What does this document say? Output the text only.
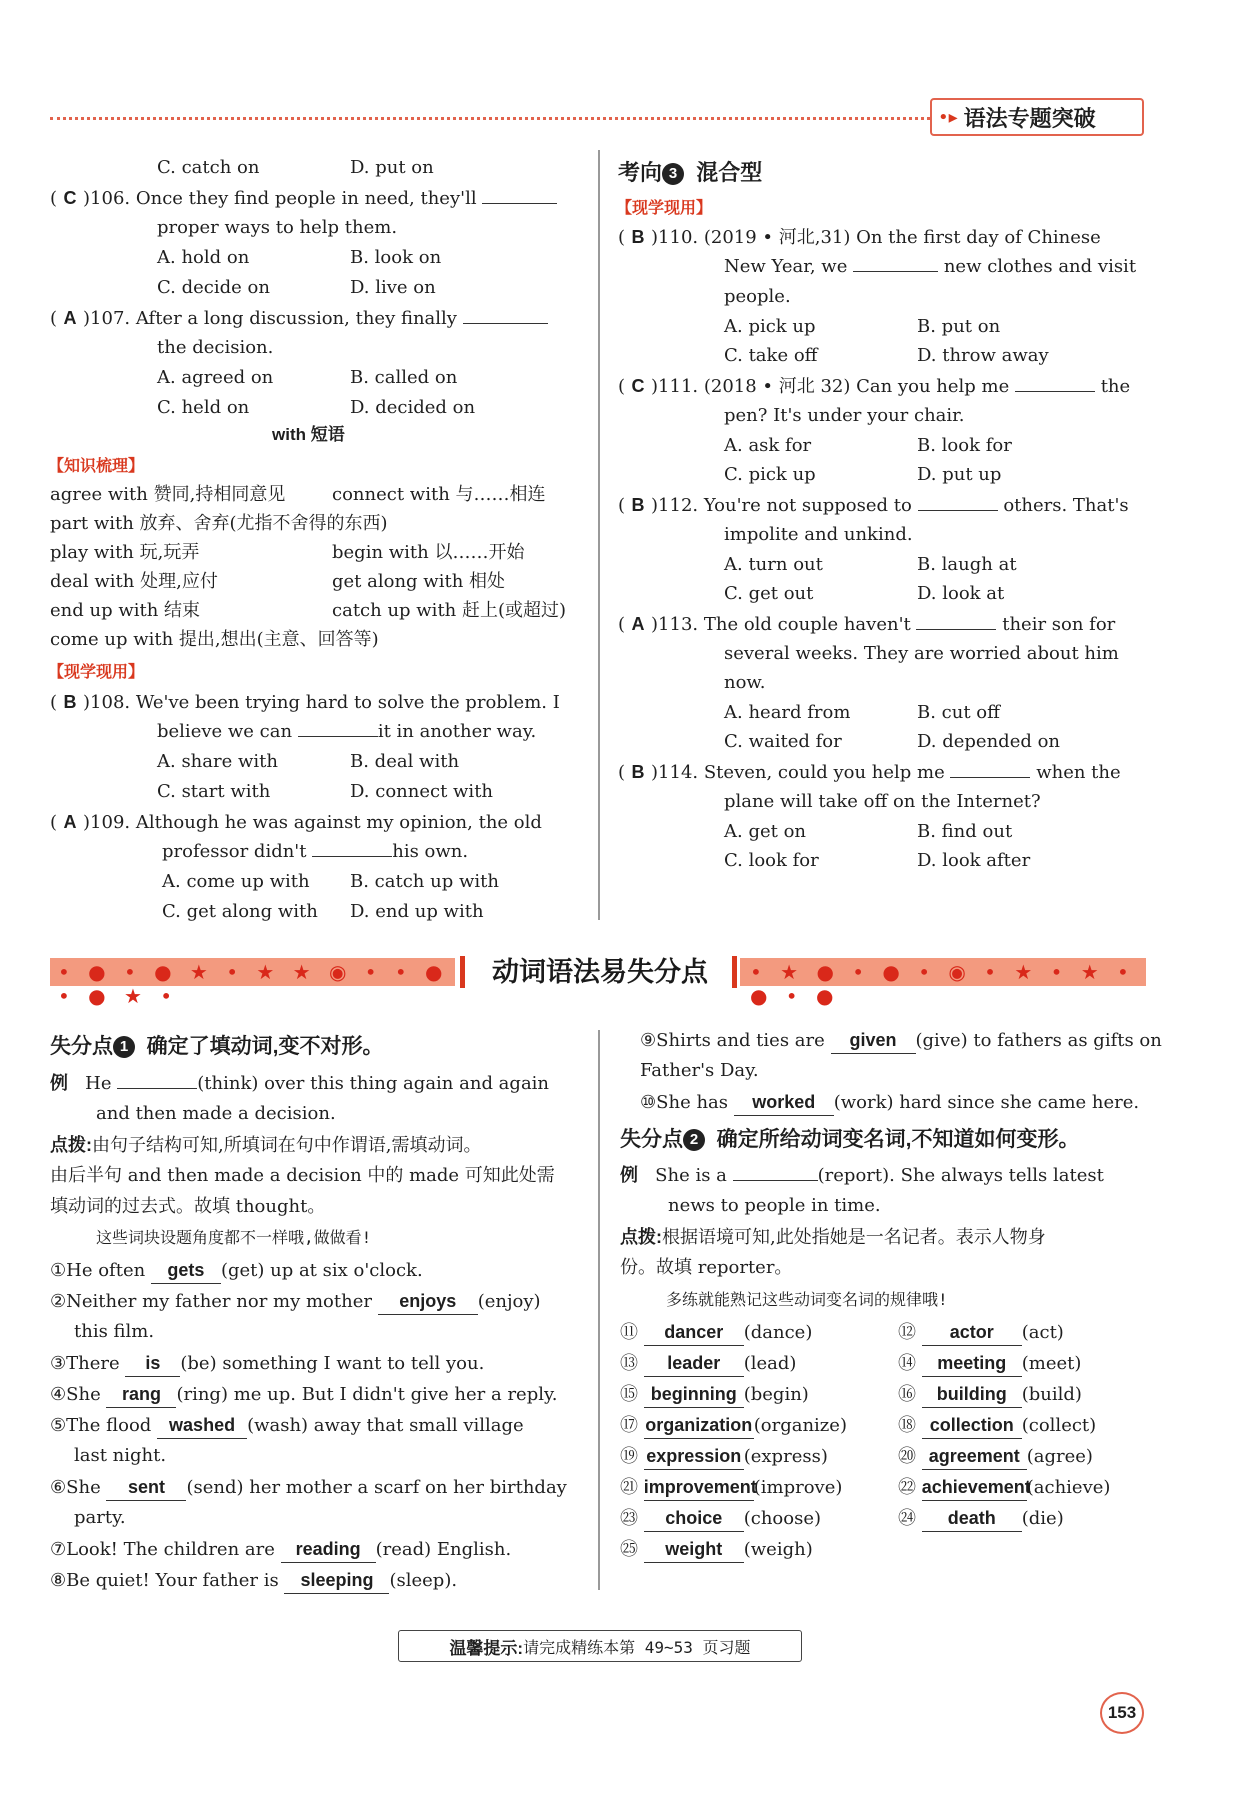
•▸ 语法专题突破
C. catch on	D. put on
( C )106. Once they find people in need, they'll
proper ways to help them.
A. hold on	B. look on
C. decide on	D. live on
( A )107. After a long discussion, they finally
the decision.
A. agreed on	B. called on
C. held on	D. decided on
with 短语
【知识梳理】
agree with 赞同,持相同意见	connect with 与……相连
part with 放弃、舍弃(尤指不舍得的东西)
play with 玩,玩弄	begin with 以……开始
deal with 处理,应付	get along with 相处
end up with 结束	catch up with 赶上(或超过)
come up with 提出,想出(主意、回答等)
【现学现用】
( B )108. We've been trying hard to solve the problem. I
believe we can	it in another way.
A. share with	B. deal with
C. start with	D. connect with
( A )109. Although he was against my opinion, the old
professor didn't	his own.
A. come up with B. catch up with
C. get along with D. end up with
考向 3 混合型
【现学现用】
( B )110. (2019 • 河北,31) On the first day of Chinese
New Year, we	new clothes and visit
people.
A. pick up	B. put on
C. take off	D. throw away
( C )111. (2018 • 河北 32) Can you help me	the
pen? It's under your chair.
A. ask for	B. look for
C. pick up	D. put up
( B )112. You're not supposed to	others. That's
impolite and unkind.
A. turn out	B. laugh at
C. get out	D. look at
( A )113. The old couple haven't	their son for
several weeks. They are worried about him
now.
A. heard from	B. cut off
C. waited for	D. depended on
( B )114. Steven, could you help me	when the
plane will take off on the Internet?
A. get on	B. find out
C. look for	D. look after
• ● • ● ★ • ★ ★ ◉ • • ● • ● ★ •
• ★ ● • ● • ◉ • ★ • ★ • ● • ●
动词语法易失分点
失分点 1 确定了填动词,变不对形。
例 He	(think) over this thing again and again
and then made a decision.
点拨:由句子结构可知,所填词在句中作谓语,需填动词。
由后半句 and then made a decision 中的 made 可知此处需
填动词的过去式。故填 thought。
这些词块设题角度都不一样哦,做做看!
①He often gets (get) up at six o'clock.
②Neither my father nor my mother enjoys (enjoy)
this film.
③There is (be) something I want to tell you.
④She rang (ring) me up. But I didn't give her a reply.
⑤The flood washed (wash) away that small village
last night.
⑥She sent (send) her mother a scarf on her birthday
party.
⑦Look! The children are reading (read) English.
⑧Be quiet! Your father is sleeping (sleep).
⑨Shirts and ties are given (give) to fathers as gifts on
Father's Day.
⑩She has worked (work) hard since she came here.
失分点 2 确定所给动词变名词,不知道如何变形。
例 She is a	(report). She always tells latest
news to people in time.
点拨:根据语境可知,此处指她是一名记者。表示人物身
份。故填 reporter。
多练就能熟记这些动词变名词的规律哦!
⑪ dancer (dance)	⑫ actor (act)
⑬ leader (lead)	⑭ meeting (meet)
⑮ beginning (begin)	⑯ building (build)
⑰ organization(organize)	⑱ collection (collect)
⑲ expression (express)	⑳ agreement (agree)
㉑ improvement(improve)	㉒ achievement(achieve)
㉓ choice (choose)	㉔ death (die)
㉕ weight (weigh)
温馨提示: 请完成精练本第 49~53 页习题
153
